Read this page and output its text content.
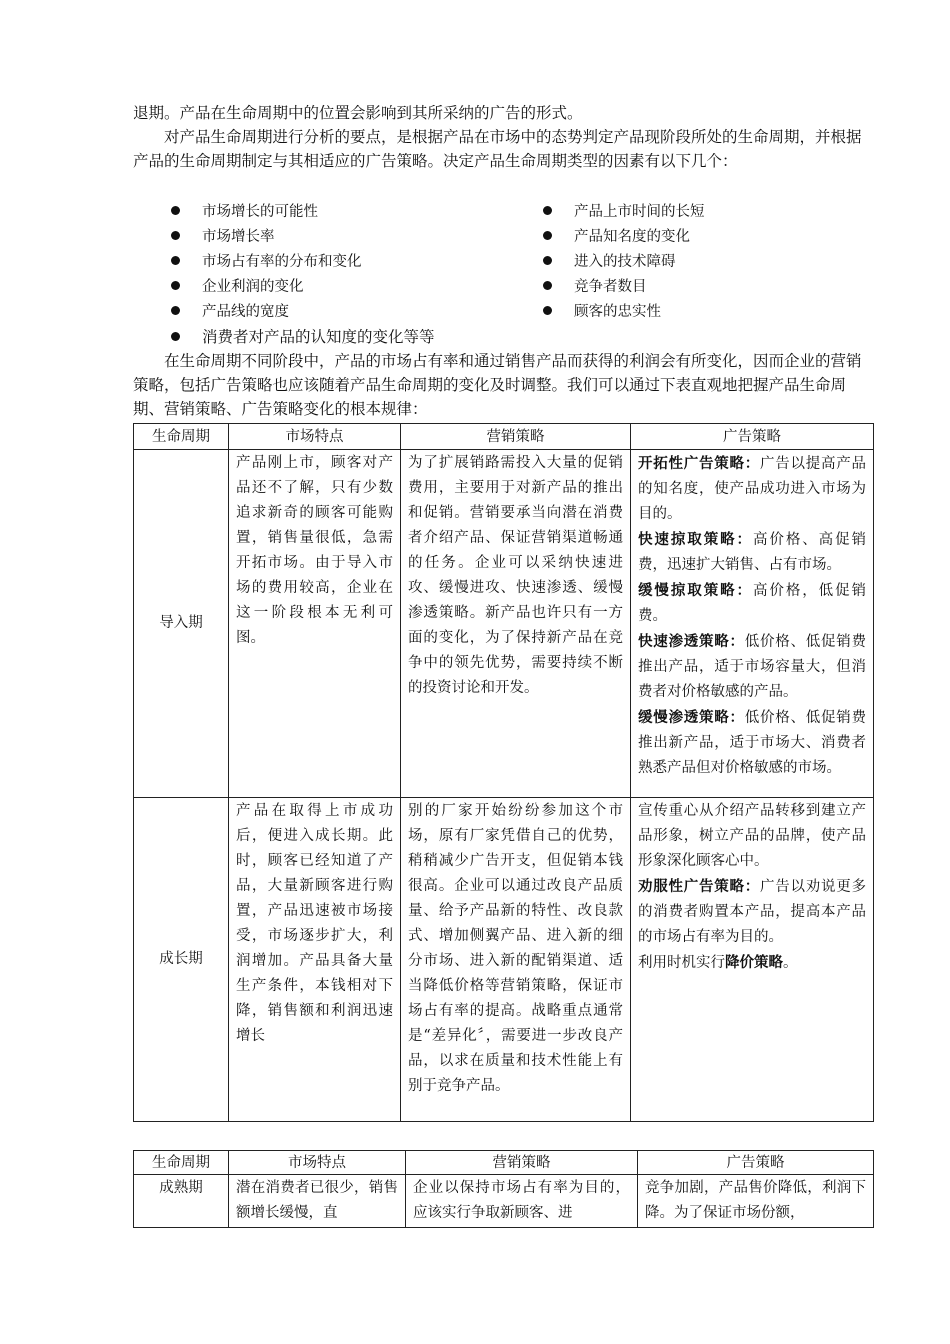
退期。产品在生命周期中的位置会影响到其所采纳的广告的形式。

对产品生命周期进行分析的要点，是根据产品在市场中的态势判定产品现阶段所处的生命周期，并根据产品的生命周期制定与其相适应的广告策略。决定产品生命周期类型的因素有以下几个：

市场增长的可能性
市场增长率
市场占有率的分布和变化
企业利润的变化
产品线的宽度
消费者对产品的认知度的变化等等
产品上市时间的长短
产品知名度的变化
进入的技术障碍
竞争者数目
顾客的忠实性

在生命周期不同阶段中，产品的市场占有率和通过销售产品而获得的利润会有所变化，因而企业的营销策略，包括广告策略也应该随着产品生命周期的变化及时调整。我们可以通过下表直观地把握产品生命周期、营销策略、广告策略变化的根本规律：

生命周期	市场特点	营销策略	广告策略
导入期	产品刚上市，顾客对产品还不了解，只有少数追求新奇的顾客可能购置，销售量很低，急需开拓市场。由于导入市场的费用较高，企业在这一阶段根本无利可图。	为了扩展销路需投入大量的促销费用，主要用于对新产品的推出和促销。营销要承当向潜在消费者介绍产品、保证营销渠道畅通的任务。企业可以采纳快速进攻、缓慢进攻、快速渗透、缓慢渗透策略。新产品也许只有一方面的变化，为了保持新产品在竞争中的领先优势，需要持续不断的投资讨论和开发。	开拓性广告策略：广告以提高产品的知名度，使产品成功进入市场为目的。
快速掠取策略：高价格、高促销费，迅速扩大销售、占有市场。
缓慢掠取策略：高价格，低促销费。
快速渗透策略：低价格、低促销费推出产品，适于市场容量大，但消费者对价格敏感的产品。
缓慢渗透策略：低价格、低促销费推出新产品，适于市场大、消费者熟悉产品但对价格敏感的市场。

成长期	产品在取得上市成功后，便进入成长期。此时，顾客已经知道了产品，大量新顾客进行购置，产品迅速被市场接受，市场逐步扩大，利润增加。产品具备大量生产条件，本钱相对下降，销售额和利润迅速增长	别的厂家开始纷纷参加这个市场，原有厂家凭借自己的优势，稍稍减少广告开支，但促销本钱很高。企业可以通过改良产品质量、给予产品新的特性、改良款式、增加侧翼产品、进入新的细分市场、进入新的配销渠道、适当降低价格等营销策略，保证市场占有率的提高。战略重点通常是“差异化〞，需要进一步改良产品，以求在质量和技术性能上有别于竞争产品。	宣传重心从介绍产品转移到建立产品形象，树立产品的品牌，使产品形象深化顾客心中。
劝服性广告策略：广告以劝说更多的消费者购置本产品，提高本产品的市场占有率为目的。
利用时机实行降价策略。
生命周期	市场特点	营销策略	广告策略
成熟期	潜在消费者已很少，销售额增长缓慢，直	企业以保持市场占有率为目的，应该实行争取新顾客、进	竞争加剧，产品售价降低，利润下降。为了保证市场份额，
